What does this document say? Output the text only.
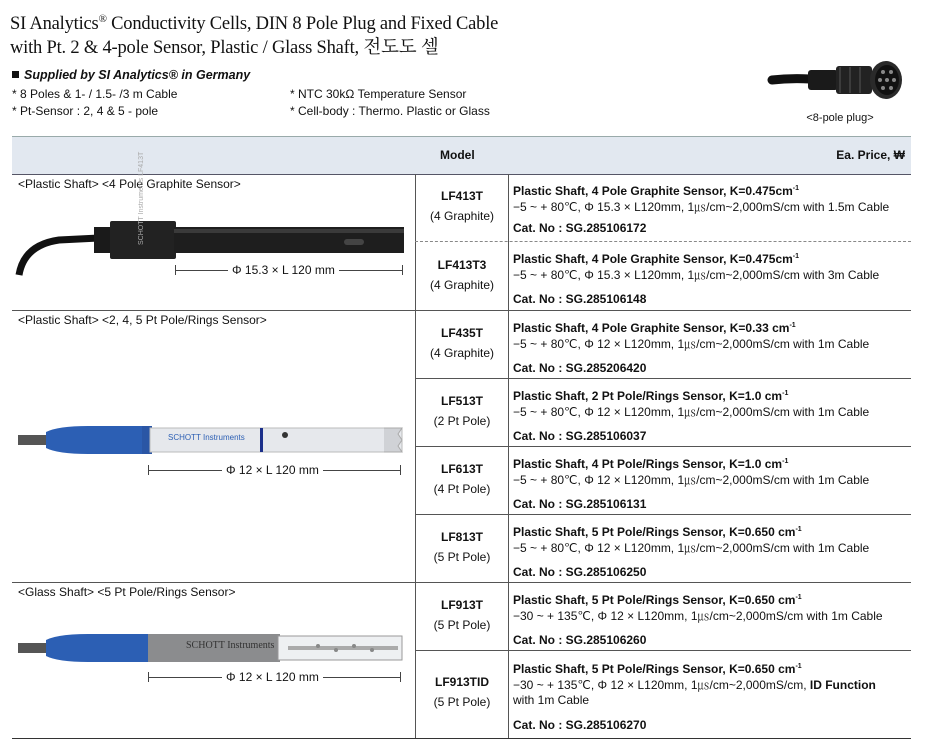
SI Analytics® Conductivity Cells, DIN 8 Pole Plug and Fixed Cable
with Pt. 2 & 4-pole Sensor, Plastic / Glass Shaft, 전도도 셀
Supplied by SI Analytics® in Germany
* 8 Poles & 1- / 1.5- /3 m Cable
* Pt-Sensor : 2, 4 & 5 - pole
* NTC 30kΩ Temperature Sensor
* Cell-body : Thermo. Plastic or Glass	<8-pole plug>
Model	Ea. Price, ₩
<Plastic Shaft> <4 Pole Graphite Sensor>
SCHOTT Instruments LF413T
Φ 15.3 × L 120 mm
<Plastic Shaft> <2, 4, 5 Pt Pole/Rings Sensor>
SCHOTT Instruments
Φ 12 × L 120 mm
<Glass Shaft> <5 Pt Pole/Rings Sensor>
SCHOTT Instruments
Φ 12 × L 120 mm
LF413T
(4 Graphite)
LF413T3
(4 Graphite)
LF435T
(4 Graphite)
LF513T
(2 Pt Pole)
LF613T
(4 Pt Pole)
LF813T
(5 Pt Pole)
LF913T
(5 Pt Pole)
LF913TID
(5 Pt Pole)
Plastic Shaft, 4 Pole Graphite Sensor, $K=0.475cm^{-1}$
−5 ~ + 80℃, Φ 15.3 × L120mm, 1㎲/cm~2,000mS/cm with 1.5m Cable
Cat. No : SG.285106172
Plastic Shaft, 4 Pole Graphite Sensor, $K=0.475cm^{-1}$
−5 ~ + 80℃, Φ 15.3 × L120mm, 1㎲/cm~2,000mS/cm with 3m Cable
Cat. No : SG.285106148
Plastic Shaft, 4 Pole Graphite Sensor, K=0.33 $cm^{-1}$
−5 ~ + 80℃, Φ 12 × L120mm, 1㎲/cm~2,000mS/cm with 1m Cable
Cat. No : SG.285206420
Plastic Shaft, 2 Pt Pole/Rings Sensor, K=1.0 $cm^{-1}$
−5 ~ + 80℃, Φ 12 × L120mm, 1㎲/cm~2,000mS/cm with 1m Cable
Cat. No : SG.285106037
Plastic Shaft, 4 Pt Pole/Rings Sensor, K=1.0 $cm^{-1}$
−5 ~ + 80℃, Φ 12 × L120mm, 1㎲/cm~2,000mS/cm with 1m Cable
Cat. No : SG.285106131
Plastic Shaft, 5 Pt Pole/Rings Sensor, K=0.650 $cm^{-1}$
−5 ~ + 80℃, Φ 12 × L120mm, 1㎲/cm~2,000mS/cm with 1m Cable
Cat. No : SG.285106250
Plastic Shaft, 5 Pt Pole/Rings Sensor, K=0.650 $cm^{-1}$
−30 ~ + 135℃, Φ 12 × L120mm, 1㎲/cm~2,000mS/cm with 1m Cable
Cat. No : SG.285106260
Plastic Shaft, 5 Pt Pole/Rings Sensor, K=0.650 $cm^{-1}$
−30 ~ + 135℃, Φ 12 × L120mm, 1㎲/cm~2,000mS/cm, ID Function
with 1m Cable
Cat. No : SG.285106270
